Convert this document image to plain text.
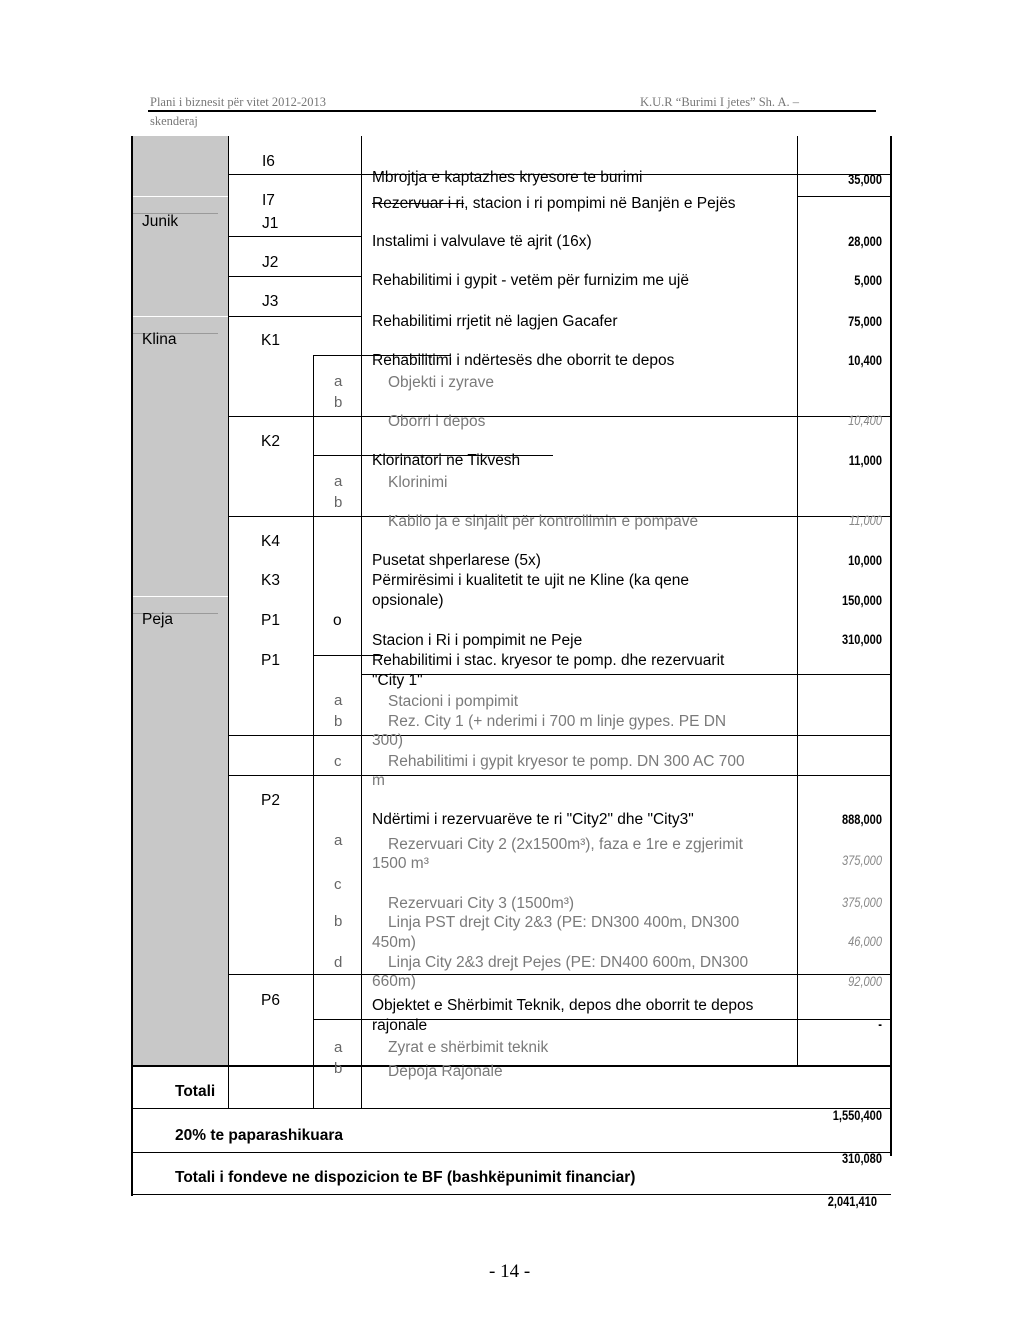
Plani i biznesit për vitet 2012-2013	K.U.R “Burimi I jetes” Sh. A. –
skenderaj
Junik
Klina
Peja
I6
I7
J1
J2
J3
K1
K2
K4
K3
P1
P1
P2
P6
a
b
a
b
o
a
b
c
a
c
b
d
a
b
Mbrojtja e kaptazhes kryesore te burimi
Rezervuar i ri, stacion i ri pompimi në Banjën e Pejës
Instalimi i valvulave të ajrit (16x)
Rehabilitimi i gypit - vetëm për furnizim me ujë
Rehabilitimi rrjetit në lagjen Gacafer
Rehabilitimi i ndërtesës dhe oborrit te depos
Objekti i zyrave
Oborri i depos
Klorinatori ne Tikvesh
Klorinimi
Kabllo ja e sinjalit për kontrollimin e pompave
Pusetat shperlarese (5x)
Përmirësimi i kualitetit te ujit ne Kline (ka qene
opsionale)
Stacion i Ri i pompimit ne Peje
Rehabilitimi i stac. kryesor te pomp. dhe rezervuarit
"City 1"
Stacioni i pompimit
Rez. City 1 (+ nderimi i 700 m linje gypes. PE DN
300)
Rehabilitimi i gypit kryesor te pomp. DN 300 AC 700
m
Ndërtimi i rezervuarëve te ri "City2" dhe "City3"
Rezervuari City 2 (2x1500m³), faza e 1re e zgjerimit
1500 m³
Rezervuari City 3 (1500m³)
Linja PST drejt City 2&3 (PE: DN300 400m, DN300
450m)
Linja City 2&3 drejt Pejes (PE: DN400 600m, DN300
660m)
Objektet e Shërbimit Teknik, depos dhe oborrit te depos
rajonale
Zyrat e shërbimit teknik
Depoja Rajonale
35,000
28,000
5,000
75,000
10,400
10,400
11,000
11,000
10,000
150,000
310,000
888,000
375,000
375,000
46,000
92,000
-
Totali
1,550,400
20% te paparashikuara
310,080
Totali i fondeve ne dispozicion te BF (bashkëpunimit financiar)
2,041,410
- 14 -
